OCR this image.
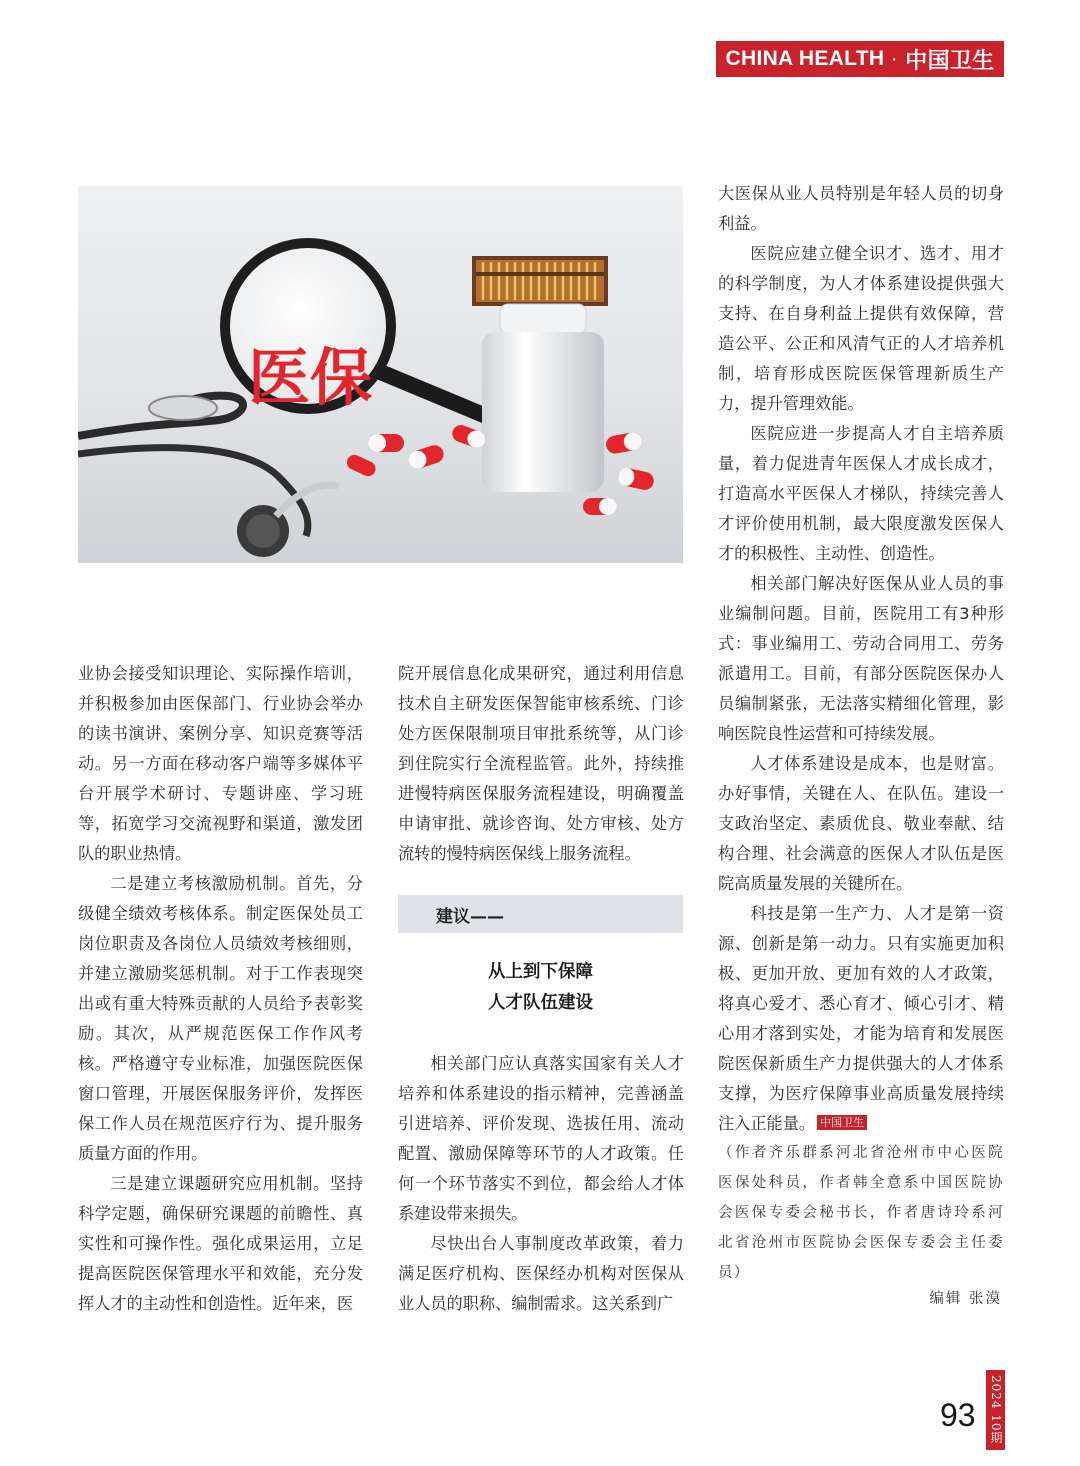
CHINA HEALTH · 中国卫生
医保

业协会接受知识理论、实际操作培训，并积极参加由医保部门、行业协会举办的读书演讲、案例分享、知识竞赛等活动。另一方面在移动客户端等多媒体平台开展学术研讨、专题讲座、学习班等，拓宽学习交流视野和渠道，激发团队的职业热情。

二是建立考核激励机制。首先，分级健全绩效考核体系。制定医保处员工岗位职责及各岗位人员绩效考核细则，并建立激励奖惩机制。对于工作表现突出或有重大特殊贡献的人员给予表彰奖励。其次，从严规范医保工作作风考核。严格遵守专业标准，加强医院医保窗口管理，开展医保服务评价，发挥医保工作人员在规范医疗行为、提升服务质量方面的作用。

三是建立课题研究应用机制。坚持科学定题，确保研究课题的前瞻性、真实性和可操作性。强化成果运用，立足提高医院医保管理水平和效能，充分发挥人才的主动性和创造性。近年来，医

院开展信息化成果研究，通过利用信息技术自主研发医保智能审核系统、门诊处方医保限制项目审批系统等，从门诊到住院实行全流程监管。此外，持续推进慢特病医保服务流程建设，明确覆盖申请审批、就诊咨询、处方审核、处方流转的慢特病医保线上服务流程。

建议——
从上到下保障
人才队伍建设

相关部门应认真落实国家有关人才培养和体系建设的指示精神，完善涵盖引进培养、评价发现、选拔任用、流动配置、激励保障等环节的人才政策。任何一个环节落实不到位，都会给人才体系建设带来损失。

尽快出台人事制度改革政策，着力满足医疗机构、医保经办机构对医保从业人员的职称、编制需求。这关系到广

大医保从业人员特别是年轻人员的切身利益。

医院应建立健全识才、选才、用才的科学制度，为人才体系建设提供强大支持、在自身利益上提供有效保障，营造公平、公正和风清气正的人才培养机制，培育形成医院医保管理新质生产力，提升管理效能。

医院应进一步提高人才自主培养质量，着力促进青年医保人才成长成才，打造高水平医保人才梯队，持续完善人才评价使用机制，最大限度激发医保人才的积极性、主动性、创造性。

相关部门解决好医保从业人员的事业编制问题。目前，医院用工有3种形式：事业编用工、劳动合同用工、劳务派遣用工。目前，有部分医院医保办人员编制紧张，无法落实精细化管理，影响医院良性运营和可持续发展。

人才体系建设是成本，也是财富。办好事情，关键在人、在队伍。建设一支政治坚定、素质优良、敬业奉献、结构合理、社会满意的医保人才队伍是医院高质量发展的关键所在。

科技是第一生产力、人才是第一资源、创新是第一动力。只有实施更加积极、更加开放、更加有效的人才政策，将真心爱才、悉心育才、倾心引才、精心用才落到实处，才能为培育和发展医院医保新质生产力提供强大的人才体系支撑，为医疗保障事业高质量发展持续注入正能量。 中国卫生

（作者齐乐群系河北省沧州市中心医院医保处科员，作者韩全意系中国医院协会医保专委会秘书长，作者唐诗玲系河北省沧州市医院协会医保专委会主任委员）
编辑 张漠
93 2024 10期
